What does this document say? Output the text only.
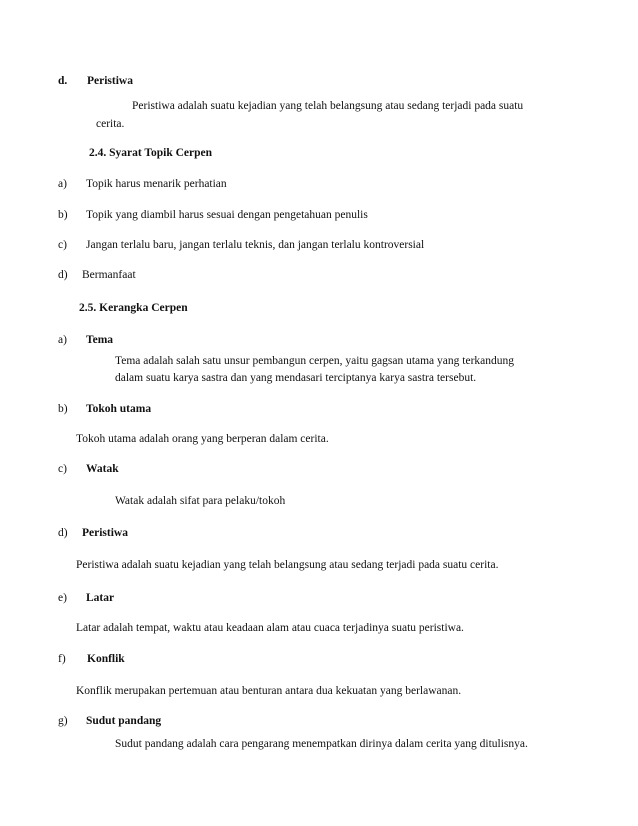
d. Peristiwa
Peristiwa adalah suatu kejadian yang telah belangsung atau sedang terjadi pada suatu
cerita.
2.4. Syarat Topik Cerpen
a) Topik harus menarik perhatian
b) Topik yang diambil harus sesuai dengan pengetahuan penulis
c) Jangan terlalu baru, jangan terlalu teknis, dan jangan terlalu kontroversial
d) Bermanfaat
2.5. Kerangka Cerpen
a) Tema
Tema adalah salah satu unsur pembangun cerpen, yaitu gagsan utama yang terkandung
dalam suatu karya sastra dan yang mendasari terciptanya karya sastra tersebut.
b) Tokoh utama
Tokoh utama adalah orang yang berperan dalam cerita.
c) Watak
Watak adalah sifat para pelaku/tokoh
d) Peristiwa
Peristiwa adalah suatu kejadian yang telah belangsung atau sedang terjadi pada suatu cerita.
e) Latar
Latar adalah tempat, waktu atau keadaan alam atau cuaca terjadinya suatu peristiwa.
f) Konflik
Konflik merupakan pertemuan atau benturan antara dua kekuatan yang berlawanan.
g) Sudut pandang
Sudut pandang adalah cara pengarang menempatkan dirinya dalam cerita yang ditulisnya.
